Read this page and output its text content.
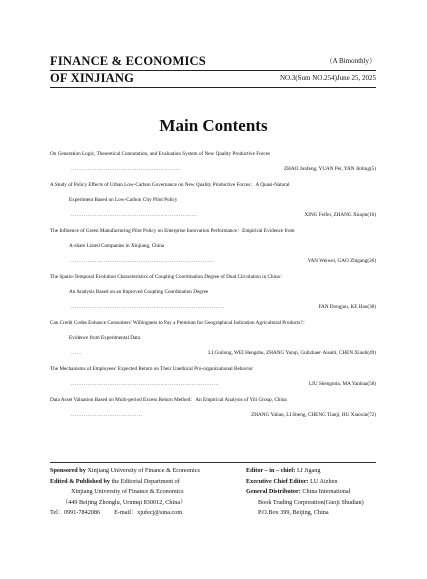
FINANCE & ECONOMICS
OF XINJIANG
（A Bimonthly）
NO.3(Sum NO.254)June 25, 2025
Main Contents
On Generation Logic, Theoretical Connotation, and Evaluation System of New Quality Productive Forces
……………………………………………………	ZHAO Junfeng, YUAN Pei, YAN Jinling(5)
A Study of Policy Effects of Urban Low-Carbon Governance on New Quality Productive Forces：A Quasi-Natural
Experiment Based on Low-Carbon City Pilot Policy
……………………………………………………………	XING Feifei, ZHANG Xiuqin(16)
The Influence of Green Manufacturing Pilot Policy on Enterprise Innovation Performance：Empirical Evidence from
A-share Listed Companies in Xinjiang, China
……………………………………………………………………	YAN Weiwei, GAO Zhigang(26)
The Spatio-Temporal Evolution Characteristics of Coupling Coordination Degree of Dual Circulation in China：
An Analysis Based on an Improved Coupling Coordination Degree
…………………………………………………………………………	FAN Dongjun, KE Hao(38)
Can Credit Codes Enhance Consumers' Willingness to Pay a Premium for Geographical Indication Agricultural Products?：
Evidence from Experimental Data
……	LI Guilong, WEI Hengshu, ZHANG Yunqi, Gulizhaer·Aisaiti, CHEN Xiaoli(49)
The Mechanisms of Employees' Expected Return on Their Unethical Pro-organizational Behavior
………………………………………………………………………	LIU Shengmin, MA Yanhua(58)
Data Asset Valuation Based on Multi-period Excess Return Method：An Empirical Analysis of Yili Group, China
…………………………………	ZHANG Yalian, LI Sheng, CHENG Tianji, HU Xiaoxin(72)
Sponsored by Xinjiang University of Finance & Economics
Edited & Published by the Editorial Department of
Xinjiang University of Finance & Economics
（449 Beijing Zhonglu, Urumqi 830012, China）
Tel：0991-7842086 E-mail：xjufecj@sina.com
Editor – in – chief: LI Jigang
Executive Chief Editor: LU Aizhen
General Distributor: China International
Book Trading Corporation(Guoji Shudian)
P.O.Box 399, Beijing, China
